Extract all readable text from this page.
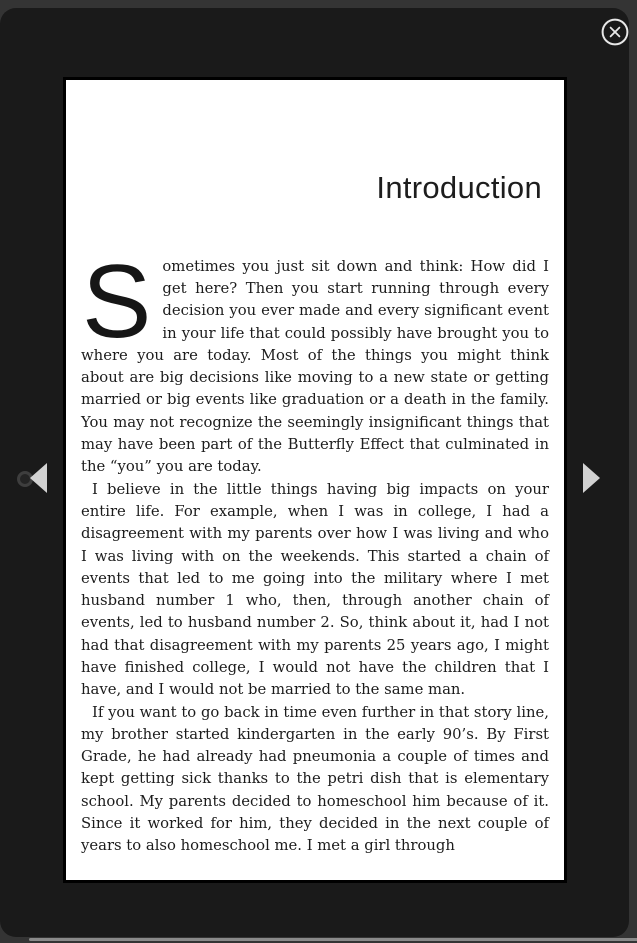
Introduction

Sometimes you just sit down and think: How did I get here? Then you start running through every decision you ever made and every significant event in your life that could possibly have brought you to where you are today. Most of the things you might think about are big decisions like moving to a new state or getting married or big events like graduation or a death in the family. You may not recognize the seemingly insignificant things that may have been part of the Butterfly Effect that culminated in the “you” you are today.

I believe in the little things having big impacts on your entire life. For example, when I was in college, I had a disagreement with my parents over how I was living and who I was living with on the weekends. This started a chain of events that led to me going into the military where I met husband number 1 who, then, through another chain of events, led to husband number 2. So, think about it, had I not had that disagreement with my parents 25 years ago, I might have finished college, I would not have the children that I have, and I would not be married to the same man.

If you want to go back in time even further in that story line, my brother started kindergarten in the early 90’s. By First Grade, he had already had pneumonia a couple of times and kept getting sick thanks to the petri dish that is elementary school. My parents decided to homeschool him because of it. Since it worked for him, they decided in the next couple of years to also homeschool me. I met a girl through
